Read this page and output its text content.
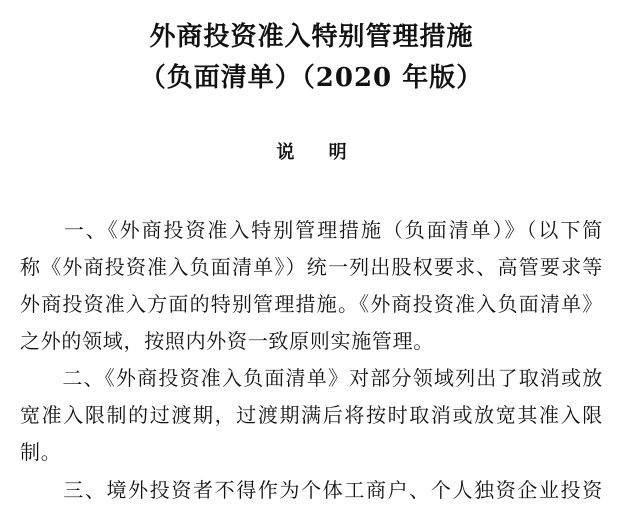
外商投资准入特别管理措施
（负面清单）（2020 年版）
说 明
　　一、《外商投资准入特别管理措施（负面清单）》（以下简
称《外商投资准入负面清单》）统一列出股权要求、高管要求等
外商投资准入方面的特别管理措施。《外商投资准入负面清单》
之外的领域，按照内外资一致原则实施管理。
　　二、《外商投资准入负面清单》对部分领域列出了取消或放
宽准入限制的过渡期，过渡期满后将按时取消或放宽其准入限
制。
　　三、境外投资者不得作为个体工商户、个人独资企业投资
